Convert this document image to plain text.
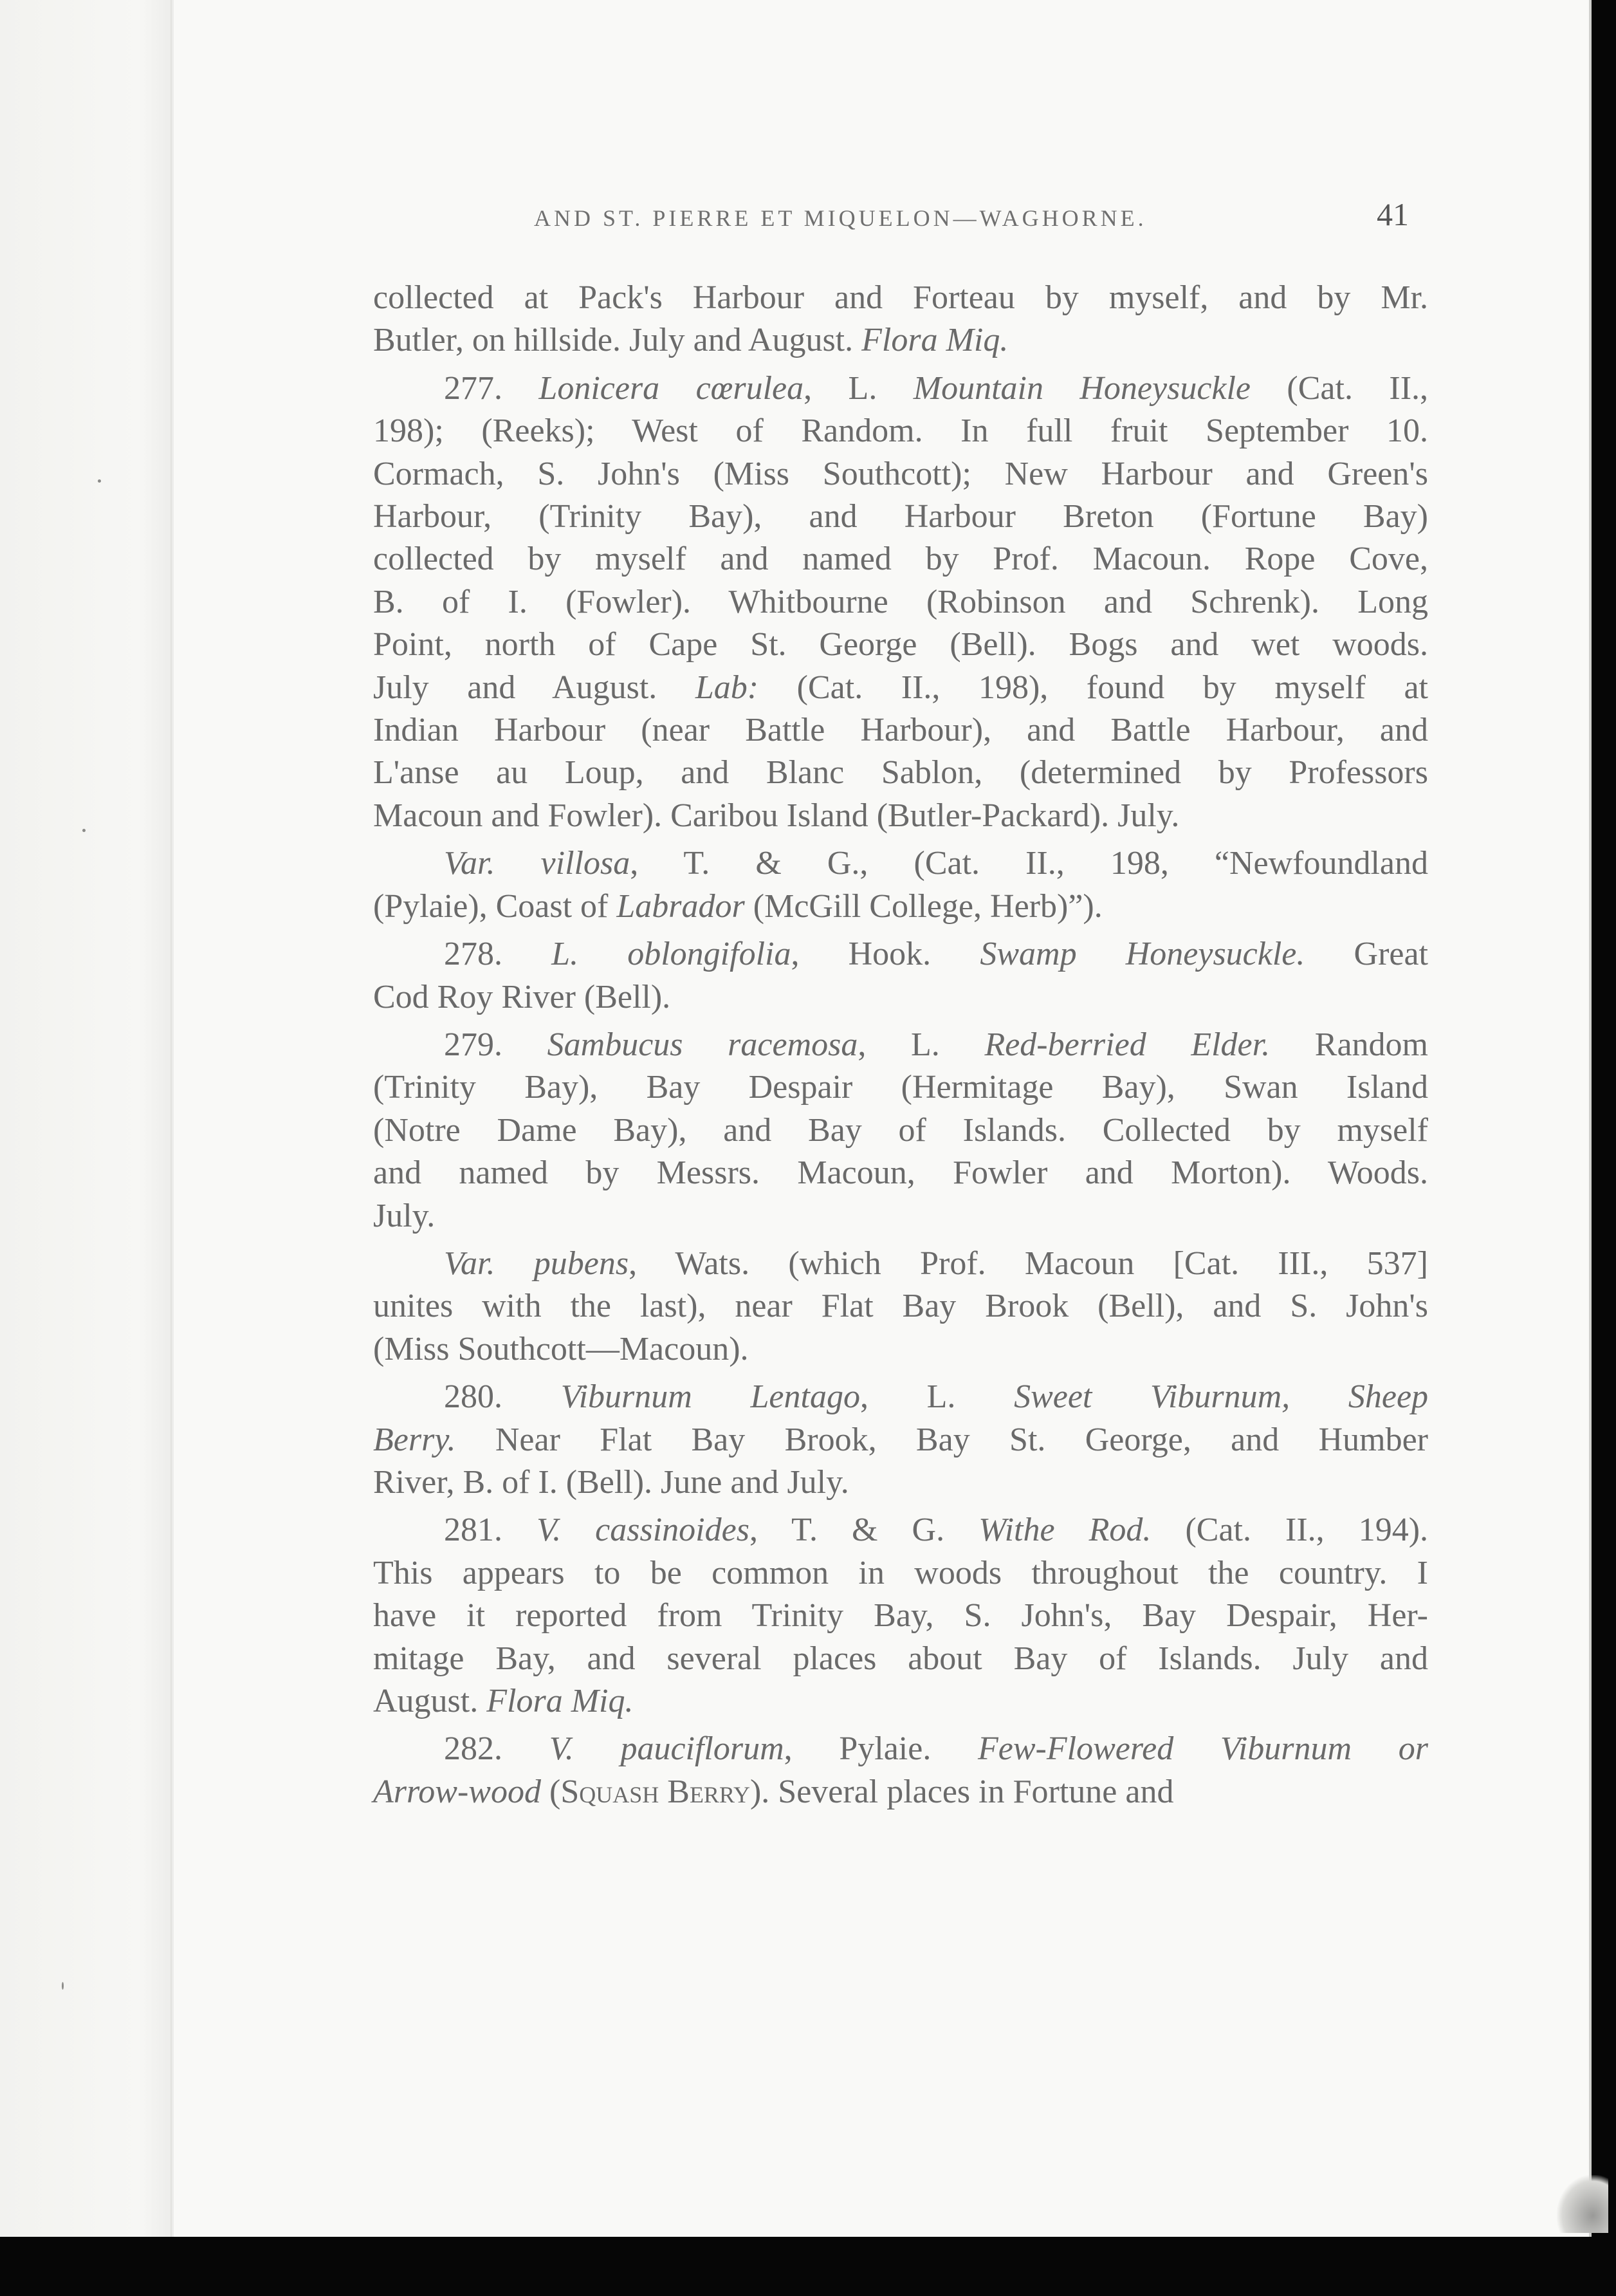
AND ST. PIERRE ET MIQUELON—WAGHORNE.	41

collected at Pack's Harbour and Forteau by myself, and by Mr.

Butler, on hillside. July and August. Flora Miq.

277. Lonicera cœrulea, L. Mountain Honeysuckle (Cat. II.,

198); (Reeks); West of Random. In full fruit September 10.

Cormach, S. John's (Miss Southcott); New Harbour and Green's

Harbour, (Trinity Bay), and Harbour Breton (Fortune Bay)

collected by myself and named by Prof. Macoun. Rope Cove,

B. of I. (Fowler). Whitbourne (Robinson and Schrenk). Long

Point, north of Cape St. George (Bell). Bogs and wet woods.

July and August. Lab: (Cat. II., 198), found by myself at

Indian Harbour (near Battle Harbour), and Battle Harbour, and

L'anse au Loup, and Blanc Sablon, (determined by Professors

Macoun and Fowler). Caribou Island (Butler-Packard). July.

Var. villosa, T. & G., (Cat. II., 198, “Newfoundland

(Pylaie), Coast of Labrador (McGill College, Herb)”).

278. L. oblongifolia, Hook. Swamp Honeysuckle. Great

Cod Roy River (Bell).

279. Sambucus racemosa, L. Red-berried Elder. Random

(Trinity Bay), Bay Despair (Hermitage Bay), Swan Island

(Notre Dame Bay), and Bay of Islands. Collected by myself

and named by Messrs. Macoun, Fowler and Morton). Woods.

July.

Var. pubens, Wats. (which Prof. Macoun [Cat. III., 537]

unites with the last), near Flat Bay Brook (Bell), and S. John's

(Miss Southcott—Macoun).

280. Viburnum Lentago, L. Sweet Viburnum, Sheep

Berry. Near Flat Bay Brook, Bay St. George, and Humber

River, B. of I. (Bell). June and July.

281. V. cassinoides, T. & G. Withe Rod. (Cat. II., 194).

This appears to be common in woods throughout the country. I

have it reported from Trinity Bay, S. John's, Bay Despair, Her-

mitage Bay, and several places about Bay of Islands. July and

August. Flora Miq.

282. V. pauciflorum, Pylaie. Few-Flowered Viburnum or

Arrow-wood (Squash Berry). Several places in Fortune and
